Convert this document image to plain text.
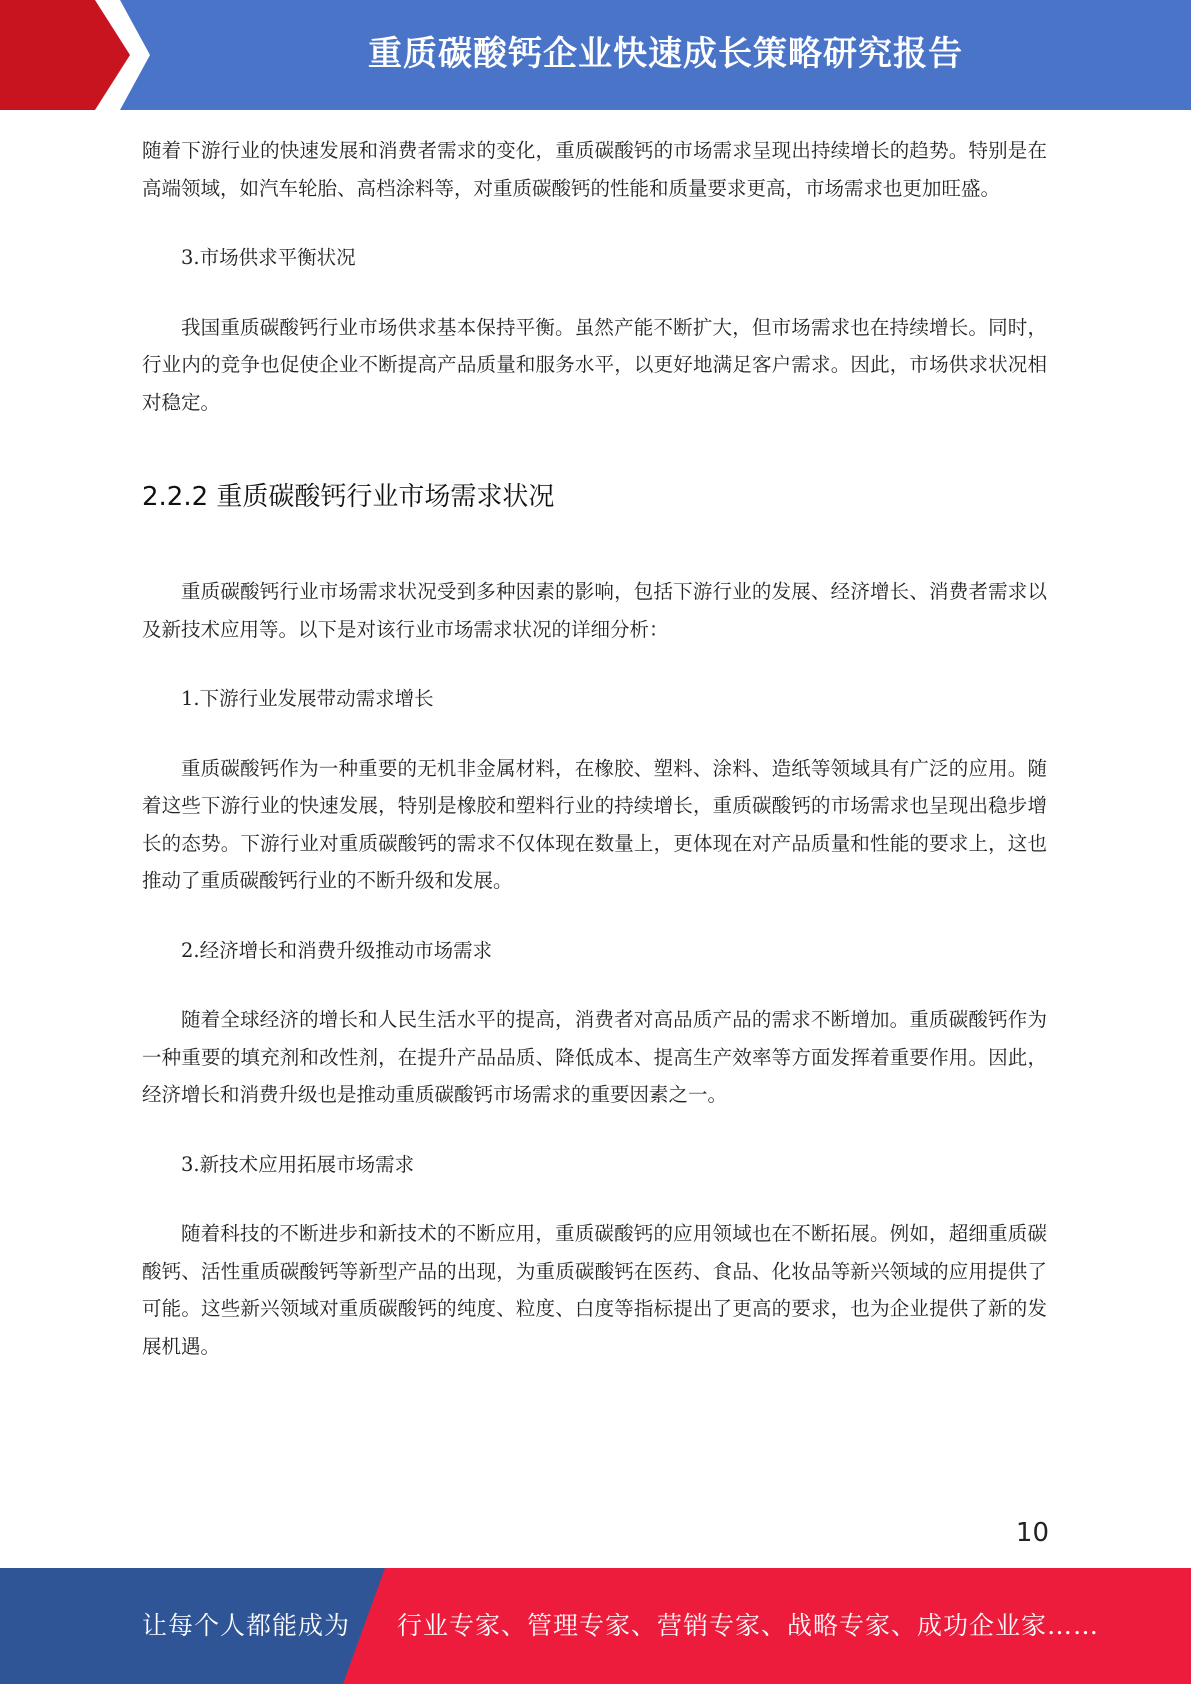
重质碳酸钙企业快速成长策略研究报告

随着下游行业的快速发展和消费者需求的变化，重质碳酸钙的市场需求呈现出持续增长的趋势。特别是在高端领域，如汽车轮胎、高档涂料等，对重质碳酸钙的性能和质量要求更高，市场需求也更加旺盛。

3.市场供求平衡状况

我国重质碳酸钙行业市场供求基本保持平衡。虽然产能不断扩大，但市场需求也在持续增长。同时，行业内的竞争也促使企业不断提高产品质量和服务水平，以更好地满足客户需求。因此，市场供求状况相对稳定。

2.2.2 重质碳酸钙行业市场需求状况

重质碳酸钙行业市场需求状况受到多种因素的影响，包括下游行业的发展、经济增长、消费者需求以及新技术应用等。以下是对该行业市场需求状况的详细分析：

1.下游行业发展带动需求增长

重质碳酸钙作为一种重要的无机非金属材料，在橡胶、塑料、涂料、造纸等领域具有广泛的应用。随着这些下游行业的快速发展，特别是橡胶和塑料行业的持续增长，重质碳酸钙的市场需求也呈现出稳步增长的态势。下游行业对重质碳酸钙的需求不仅体现在数量上，更体现在对产品质量和性能的要求上，这也推动了重质碳酸钙行业的不断升级和发展。

2.经济增长和消费升级推动市场需求

随着全球经济的增长和人民生活水平的提高，消费者对高品质产品的需求不断增加。重质碳酸钙作为一种重要的填充剂和改性剂，在提升产品品质、降低成本、提高生产效率等方面发挥着重要作用。因此，经济增长和消费升级也是推动重质碳酸钙市场需求的重要因素之一。

3.新技术应用拓展市场需求

随着科技的不断进步和新技术的不断应用，重质碳酸钙的应用领域也在不断拓展。例如，超细重质碳酸钙、活性重质碳酸钙等新型产品的出现，为重质碳酸钙在医药、食品、化妆品等新兴领域的应用提供了可能。这些新兴领域对重质碳酸钙的纯度、粒度、白度等指标提出了更高的要求，也为企业提供了新的发展机遇。

10
让每个人都能成为 行业专家、管理专家、营销专家、战略专家、成功企业家……
